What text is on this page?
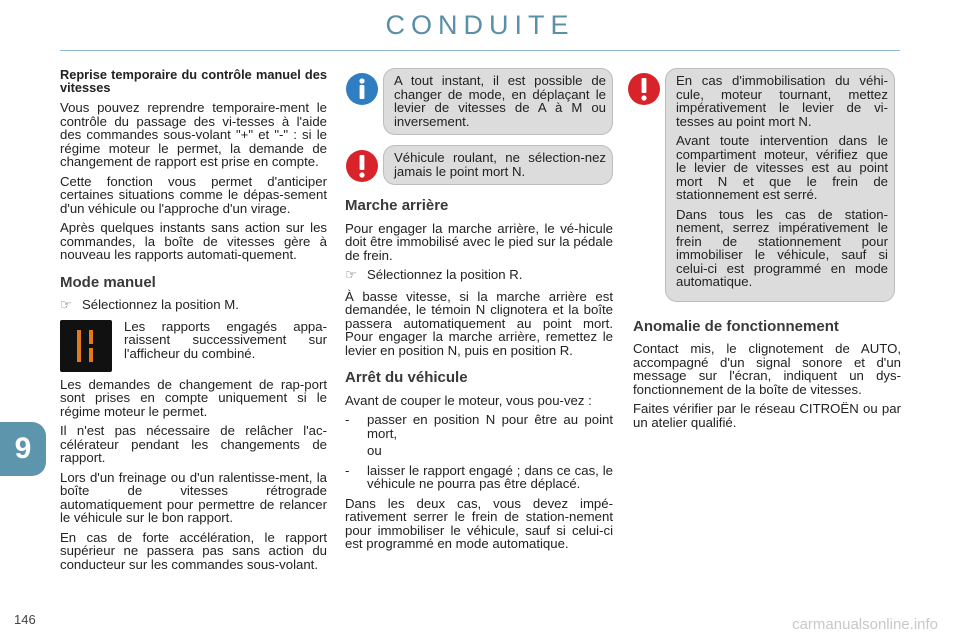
CONDUITE
Reprise temporaire du contrôle manuel des vitesses

Vous pouvez reprendre temporaire-ment le contrôle du passage des vi-tesses à l'aide des commandes sous-volant "+" et "-" : si le régime moteur le permet, la demande de changement de rapport est prise en compte.

Cette fonction vous permet d'anticiper certaines situations comme le dépas-sement d'un véhicule ou l'approche d'un virage.

Après quelques instants sans action sur les commandes, la boîte de vitesses gère à nouveau les rapports automati-quement.

Mode manuel
☞ Sélectionnez la position M.
Les rapports engagés appa-raissent successivement sur l'afficheur du combiné.

Les demandes de changement de rap-port sont prises en compte uniquement si le régime moteur le permet.

Il n'est pas nécessaire de relâcher l'ac-célérateur pendant les changements de rapport.

Lors d'un freinage ou d'un ralentisse-ment, la boîte de vitesses rétrograde automatiquement pour permettre de relancer le véhicule sur le bon rapport.

En cas de forte accélération, le rapport supérieur ne passera pas sans action du conducteur sur les commandes sous-volant.

A tout instant, il est possible de changer de mode, en déplaçant le levier de vitesses de A à M ou inversement.
Véhicule roulant, ne sélection-nez jamais le point mort N.
Marche arrière

Pour engager la marche arrière, le vé-hicule doit être immobilisé avec le pied sur la pédale de frein.

☞ Sélectionnez la position R.

À basse vitesse, si la marche arrière est demandée, le témoin N clignotera et la boîte passera automatiquement au point mort. Pour engager la marche arrière, remettez le levier en position N, puis en position R.

Arrêt du véhicule

Avant de couper le moteur, vous pou-vez :

-	passer en position N pour être au point mort,

ou

-	laisser le rapport engagé ; dans ce cas, le véhicule ne pourra pas être déplacé.

Dans les deux cas, vous devez impé-rativement serrer le frein de station-nement pour immobiliser le véhicule, sauf si celui-ci est programmé en mode automatique.

En cas d'immobilisation du véhi-cule, moteur tournant, mettez impérativement le levier de vi-tesses au point mort N.

Avant toute intervention dans le compartiment moteur, vérifiez que le levier de vitesses est au point mort N et que le frein de stationnement est serré.

Dans tous les cas de station-nement, serrez impérativement le frein de stationnement pour immobiliser le véhicule, sauf si celui-ci est programmé en mode automatique.

Anomalie de fonctionnement

Contact mis, le clignotement de AUTO, accompagné d'un signal sonore et d'un message sur l'écran, indiquent un dys-fonctionnement de la boîte de vitesses.

Faites vérifier par le réseau CITROËN ou par un atelier qualifié.

9
146	carmanualsonline.info
